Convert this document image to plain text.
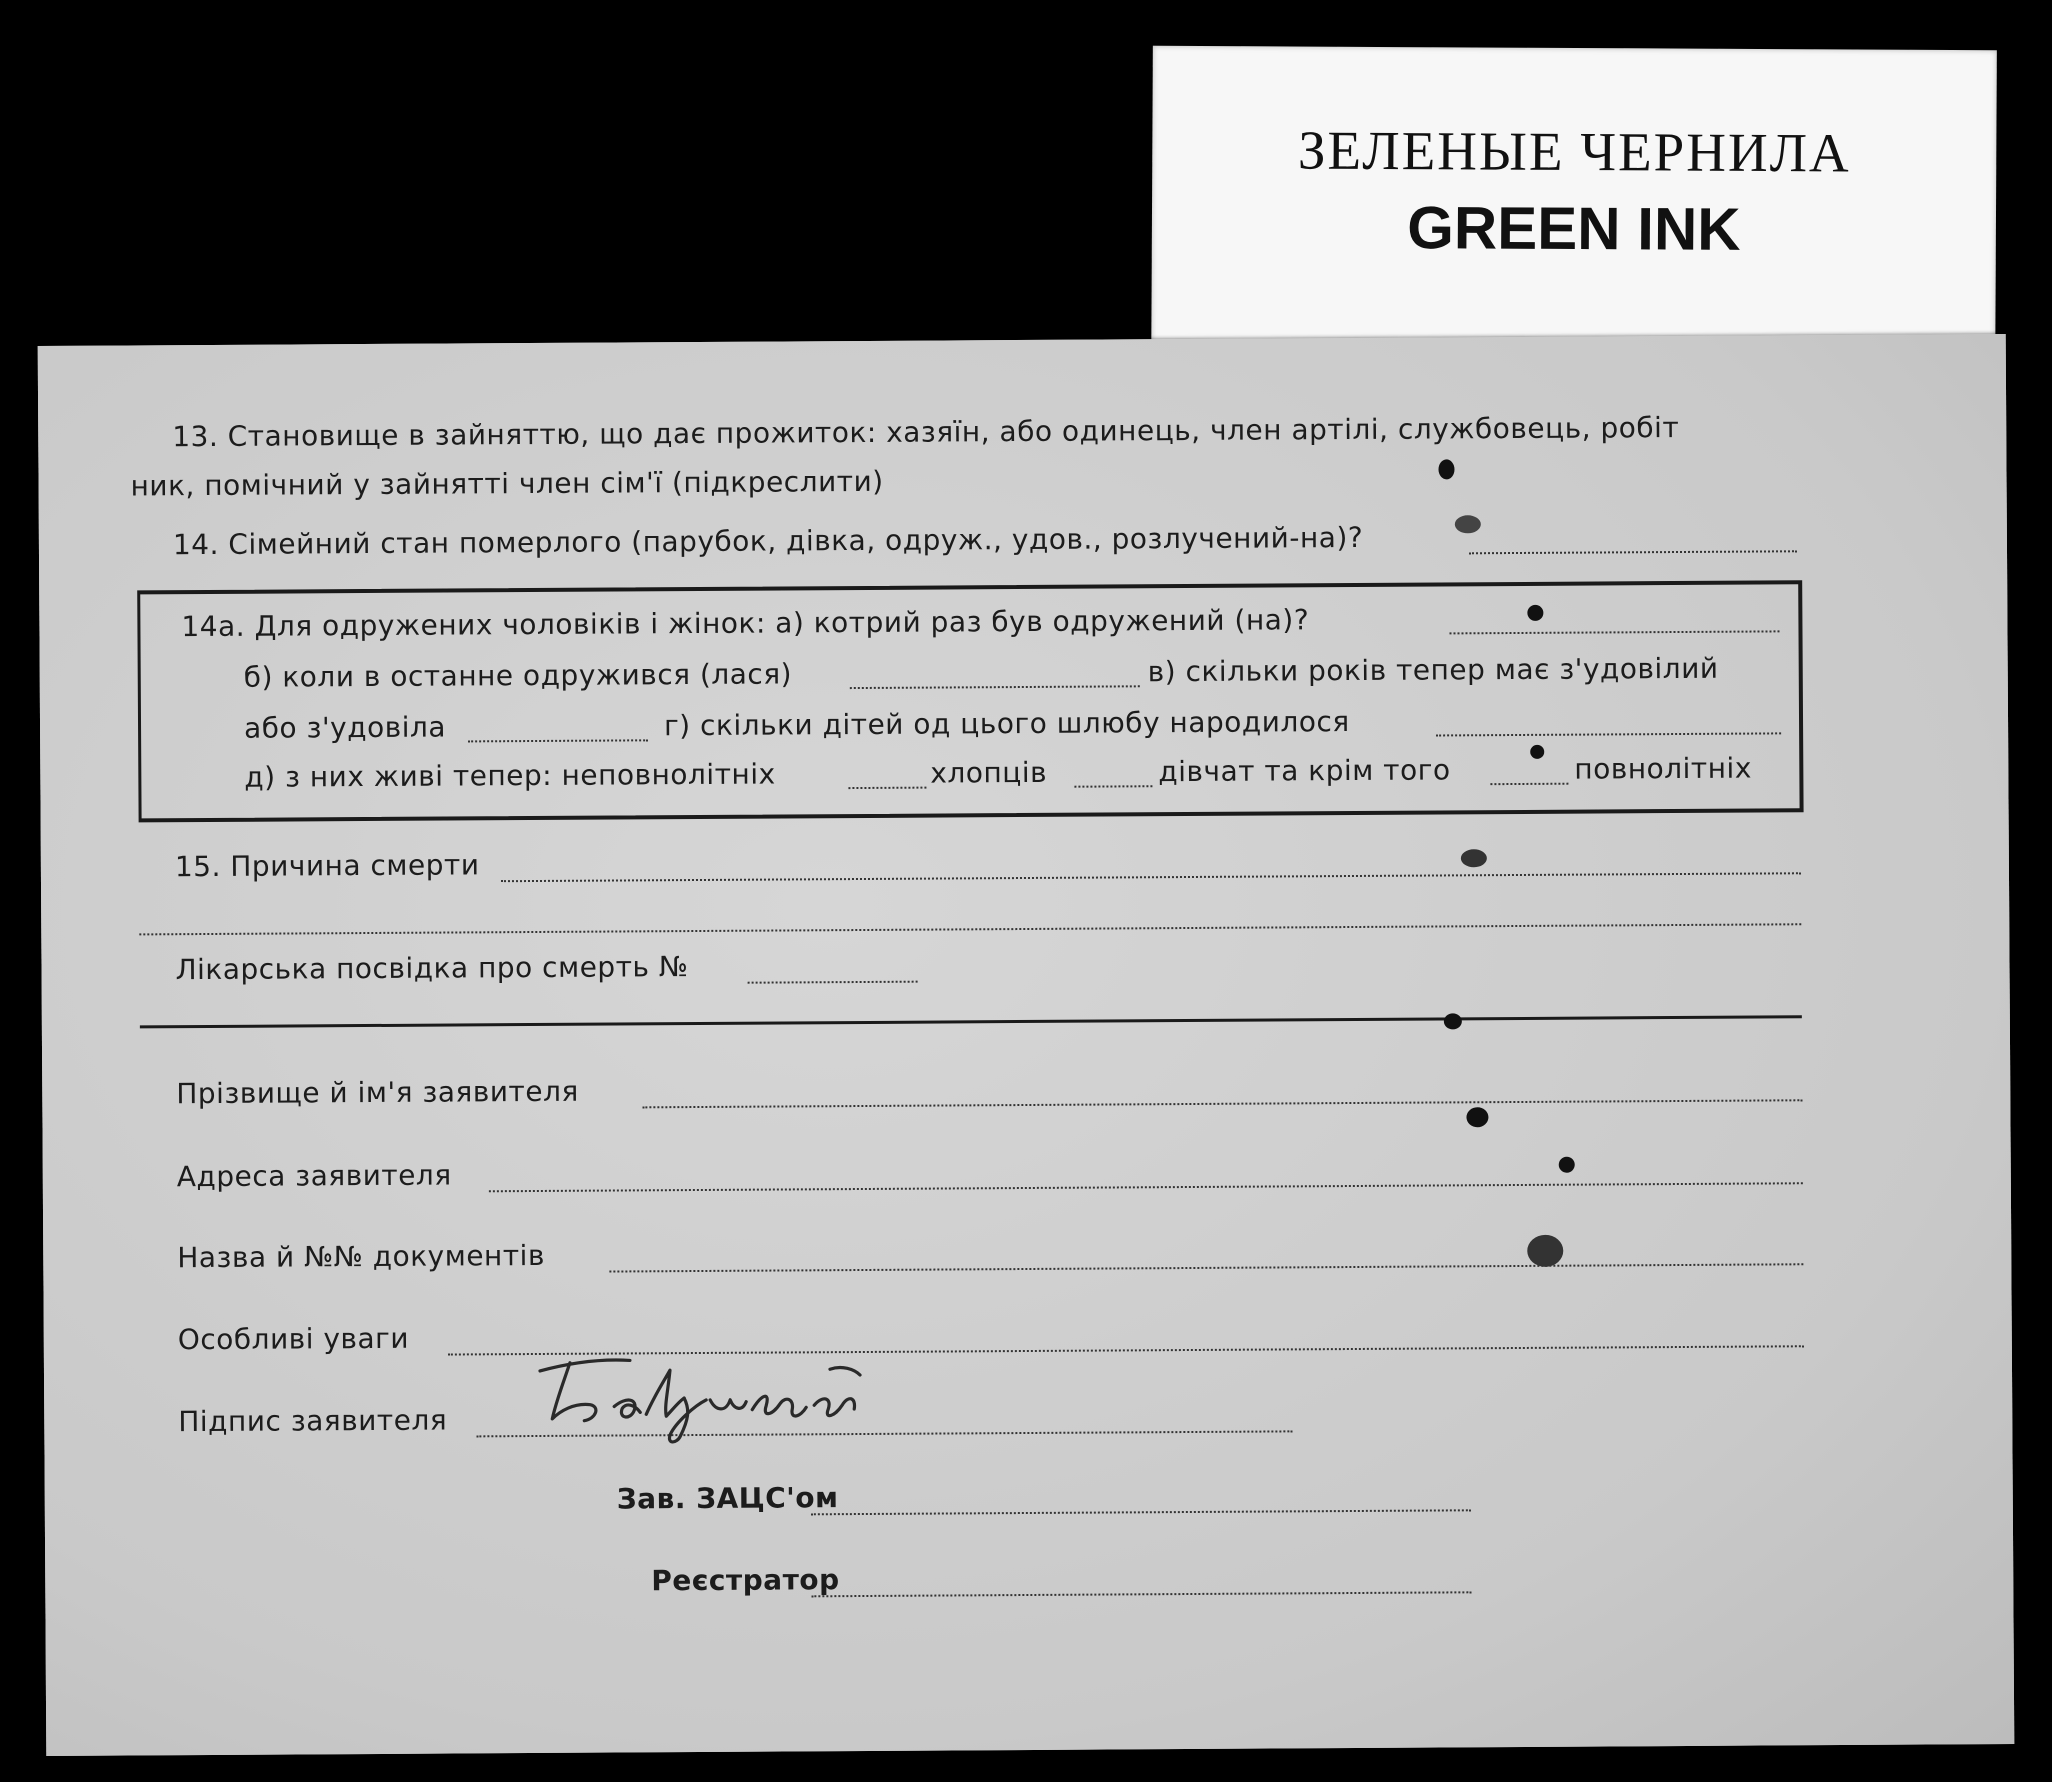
ЗЕЛЕНЫЕ ЧЕРНИЛА
GREEN INK

13. Становище в зайняттю, що дає прожиток: хазяїн, або одинець, член артілі, службовець, робіт

ник, помічний у зайнятті член сім'ї (підкреслити)

14. Сімейний стан померлого (парубок, дівка, одруж., удов., розлучений-на)?

14а. Для одружених чоловіків і жінок: а) котрий раз був одружений (на)?

б) коли в останне одружився (лася)	в) скільки років тепер має з'удовілий

або з'удовіла	г) скільки дітей од цього шлюбу народилося

д) з них живі тепер: неповнолітніх	хлопців	дівчат та крім того	повнолітніх

15. Причина смерти

Лікарська посвідка про смерть №

Прізвище й ім'я заявителя

Адреса заявителя

Назва й №№ документів

Особливі уваги

Підпис заявителя

Зав. ЗАЦС'ом

Реєстратор
